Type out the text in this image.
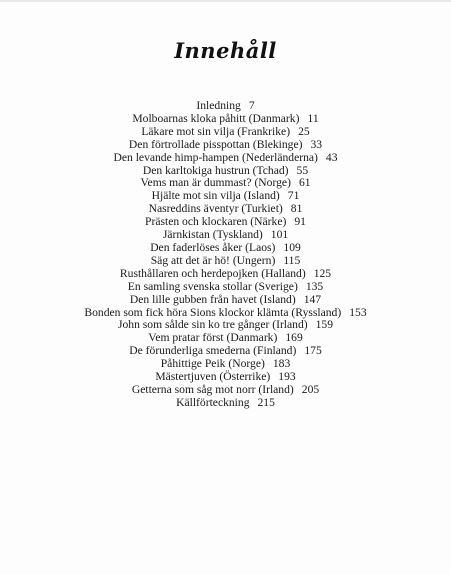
Innehåll
Inledning 7
Molboarnas kloka påhitt (Danmark) 11
Läkare mot sin vilja (Frankrike) 25
Den förtrollade pisspottan (Blekinge) 33
Den levande himp-hampen (Nederländerna) 43
Den karltokiga hustrun (Tchad) 55
Vems man är dummast? (Norge) 61
Hjälte mot sin vilja (Island) 71
Nasreddins äventyr (Turkiet) 81
Prästen och klockaren (Närke) 91
Järnkistan (Tyskland) 101
Den faderlöses åker (Laos) 109
Säg att det är hö! (Ungern) 115
Rusthållaren och herdepojken (Halland) 125
En samling svenska stollar (Sverige) 135
Den lille gubben från havet (Island) 147
Bonden som fick höra Sions klockor klämta (Ryssland) 153
John som sålde sin ko tre gånger (Irland) 159
Vem pratar först (Danmark) 169
De förunderliga smederna (Finland) 175
Påhittige Peik (Norge) 183
Mästertjuven (Österrike) 193
Getterna som såg mot norr (Irland) 205
Källförteckning 215
